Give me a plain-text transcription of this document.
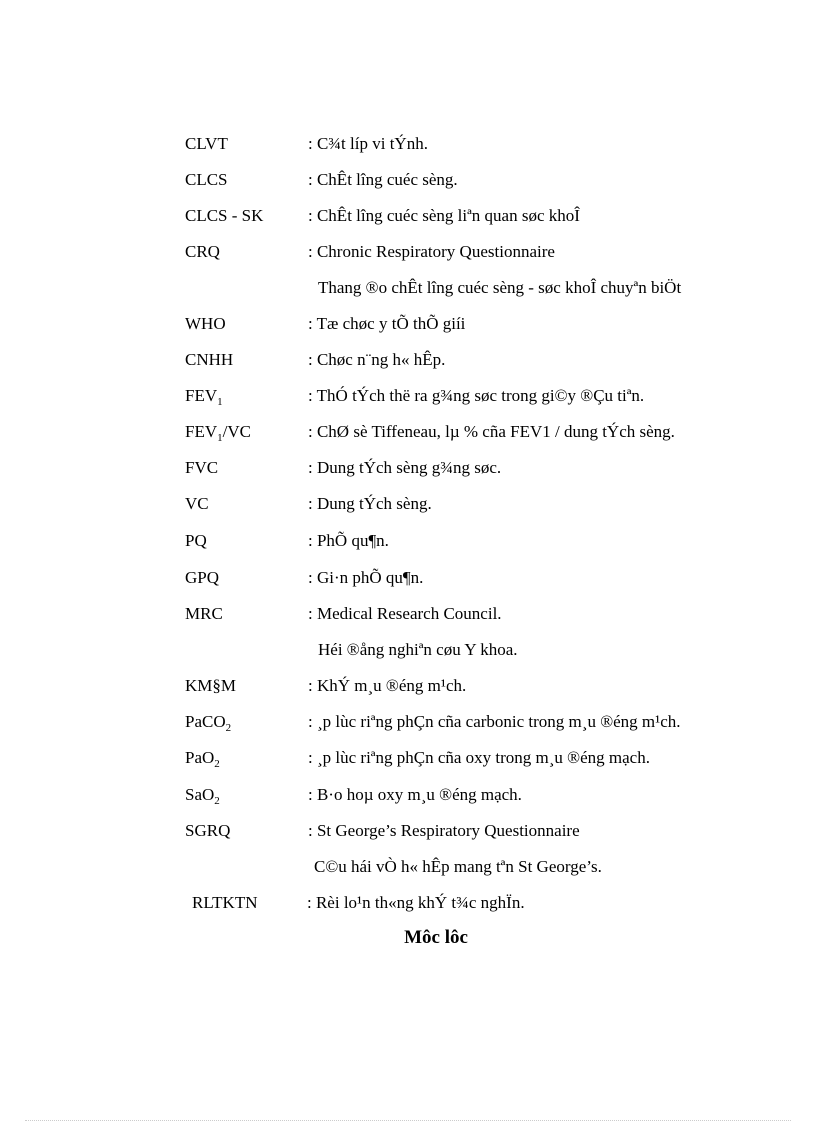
CLVT	: C¾t líp vi tÝnh.
CLCS	: ChÊt lîng cuéc sèng.
CLCS - SK	: ChÊt lîng cuéc sèng liªn quan søc khoÎ
CRQ	: Chronic Respiratory Questionnaire
Thang ®o chÊt lîng cuéc sèng - søc khoÎ chuyªn biÖt
WHO	: Tæ chøc y tÕ thÕ giíi
CNHH	: Chøc n¨ng h« hÊp.
$FEV_1$	: ThÓ tÝch thë ra g¾ng søc trong gi©y ®Çu tiªn.
$FEV_1/VC$	: ChØ sè Tiffeneau, lµ % cña FEV1 / dung tÝch sèng.
FVC	: Dung tÝch sèng g¾ng søc.
VC	: Dung tÝch sèng.
PQ	: PhÕ qu¶n.
GPQ	: Gi·n phÕ qu¶n.
MRC	: Medical Research Council.
Héi ®ång nghiªn cøu Y khoa.
KM§M	: KhÝ m¸u ®éng m¹ch.
PaCO$_2$	: ¸p lùc riªng phÇn cña carbonic trong m¸u ®éng m¹ch.
PaO$_2$	: ¸p lùc riªng phÇn cña oxy trong m¸u ®éng mạch.
SaO$_2$	: B·o hoµ oxy m¸u ®éng mạch.
SGRQ	: St George’s Respiratory Questionnaire
C©u hái vÒ h« hÊp mang tªn St George’s.
RLTKTN	: Rèi lo¹n th«ng khÝ t¾c nghÏn.
Môc lôc
